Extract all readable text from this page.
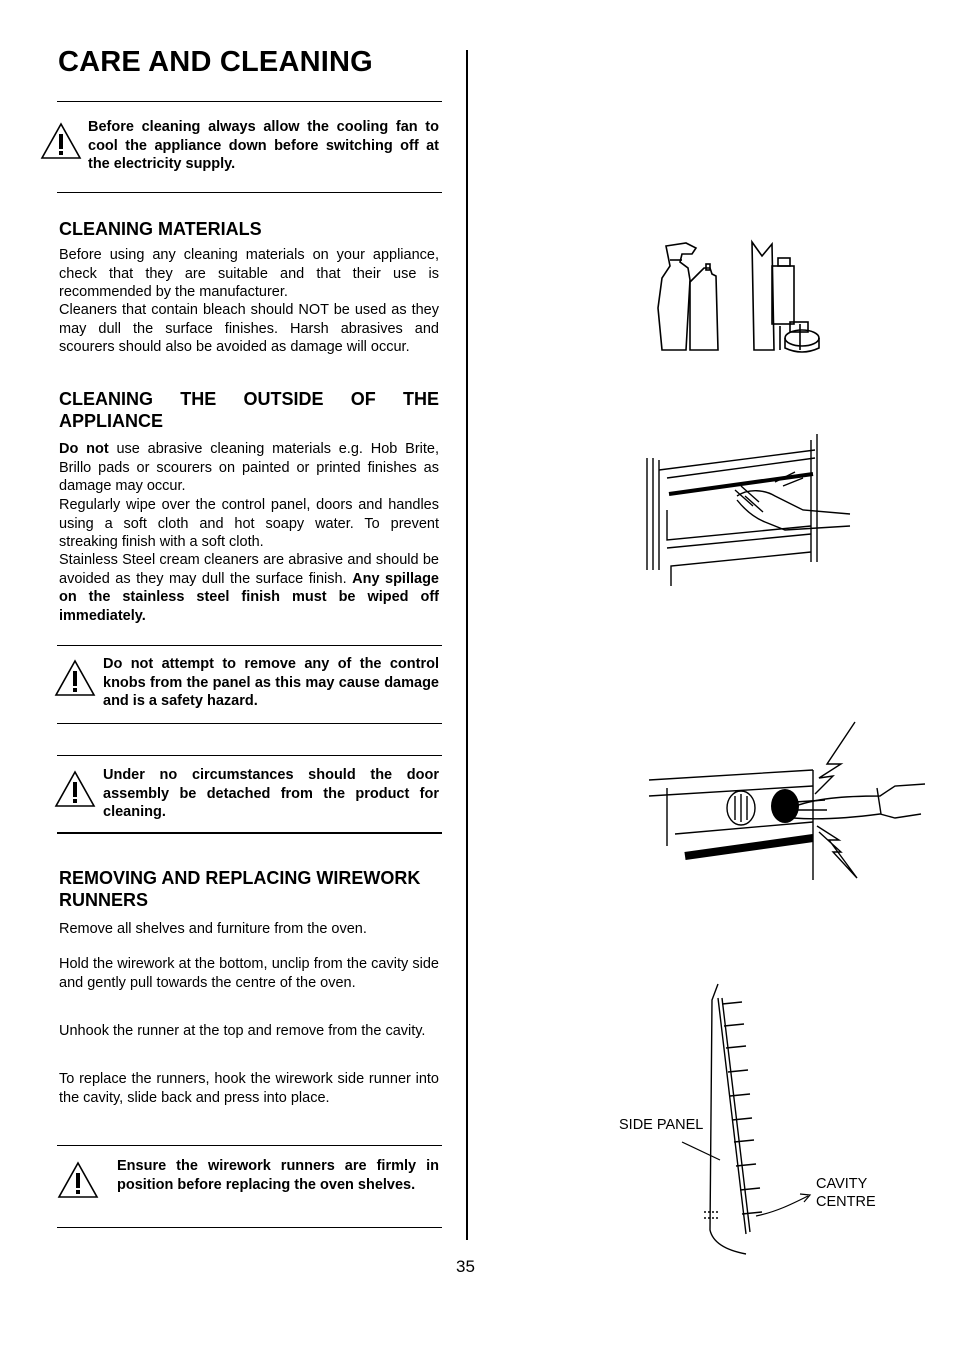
CARE AND CLEANING
Before cleaning always allow the cooling fan to cool the appliance down before switching off at the electricity supply.
CLEANING MATERIALS

Before using any cleaning materials on your appliance, check that they are suitable and that their use is recommended by the manufacturer.

Cleaners that contain bleach should NOT be used as they may dull the surface finishes. Harsh abrasives and scourers should also be avoided as damage will occur.

CLEANING THE OUTSIDE OF THE APPLIANCE

Do not use abrasive cleaning materials e.g. Hob Brite, Brillo pads or scourers on painted or printed finishes as damage may occur.

Regularly wipe over the control panel, doors and handles using a soft cloth and hot soapy water. To prevent streaking finish with a soft cloth.

Stainless Steel cream cleaners are abrasive and should be avoided as they may dull the surface finish. Any spillage on the stainless steel finish must be wiped off immediately.

Do not attempt to remove any of the control knobs from the panel as this may cause damage and is a safety hazard.
Under no circumstances should the door assembly be detached from the product for cleaning.
REMOVING AND REPLACING WIREWORK RUNNERS

Remove all shelves and furniture from the oven.

Hold the wirework at the bottom, unclip from the cavity side and gently pull towards the centre of the oven.

Unhook the runner at the top and remove from the cavity.

To replace the runners, hook the wirework side runner into the cavity, slide back and press into place.

Ensure the wirework runners are firmly in position before replacing the oven shelves.
SIDE PANEL
CAVITY
CENTRE
35
